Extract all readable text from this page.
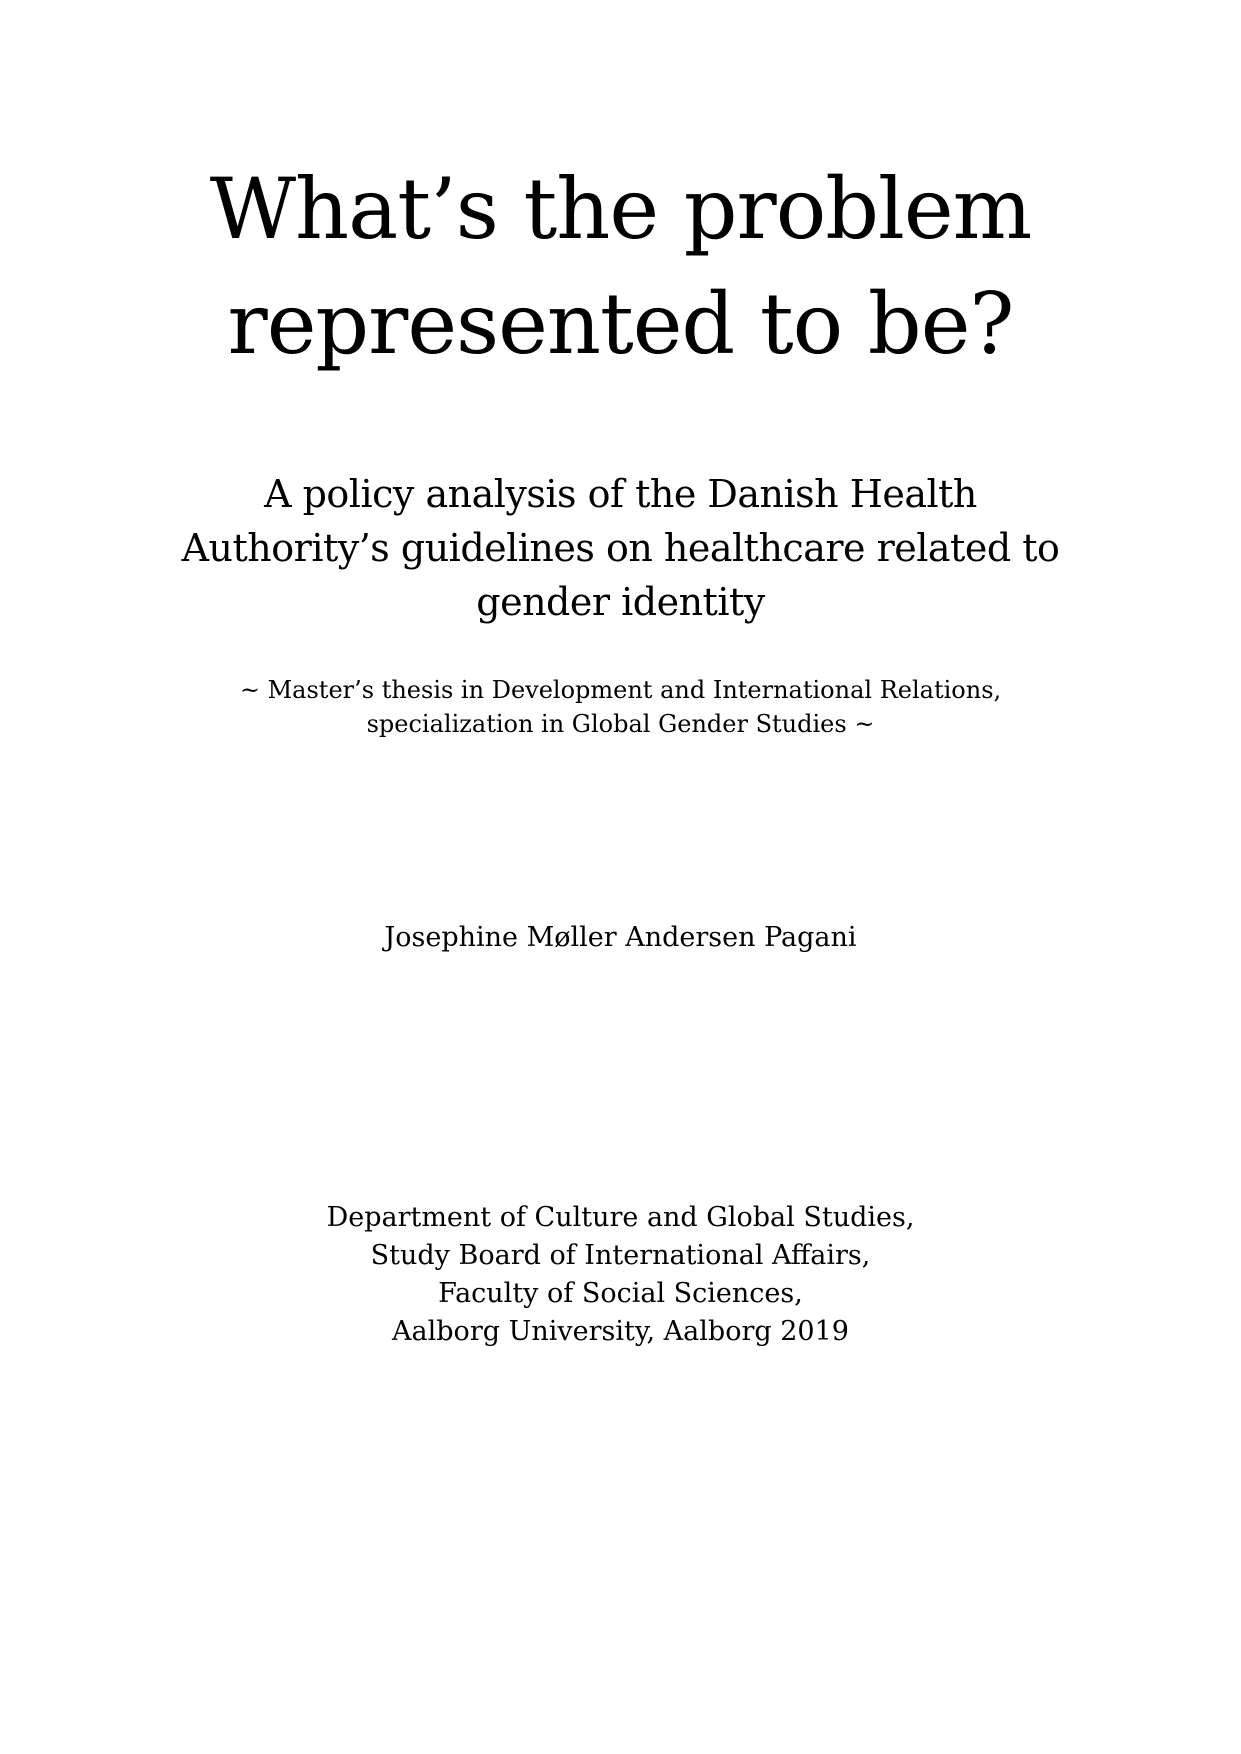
What’s the problem
represented to be?
A policy analysis of the Danish Health
Authority’s guidelines on healthcare related to
gender identity
~ Master’s thesis in Development and International Relations,
specialization in Global Gender Studies ~
Josephine Møller Andersen Pagani
Department of Culture and Global Studies,
Study Board of International Affairs,
Faculty of Social Sciences,
Aalborg University, Aalborg 2019
